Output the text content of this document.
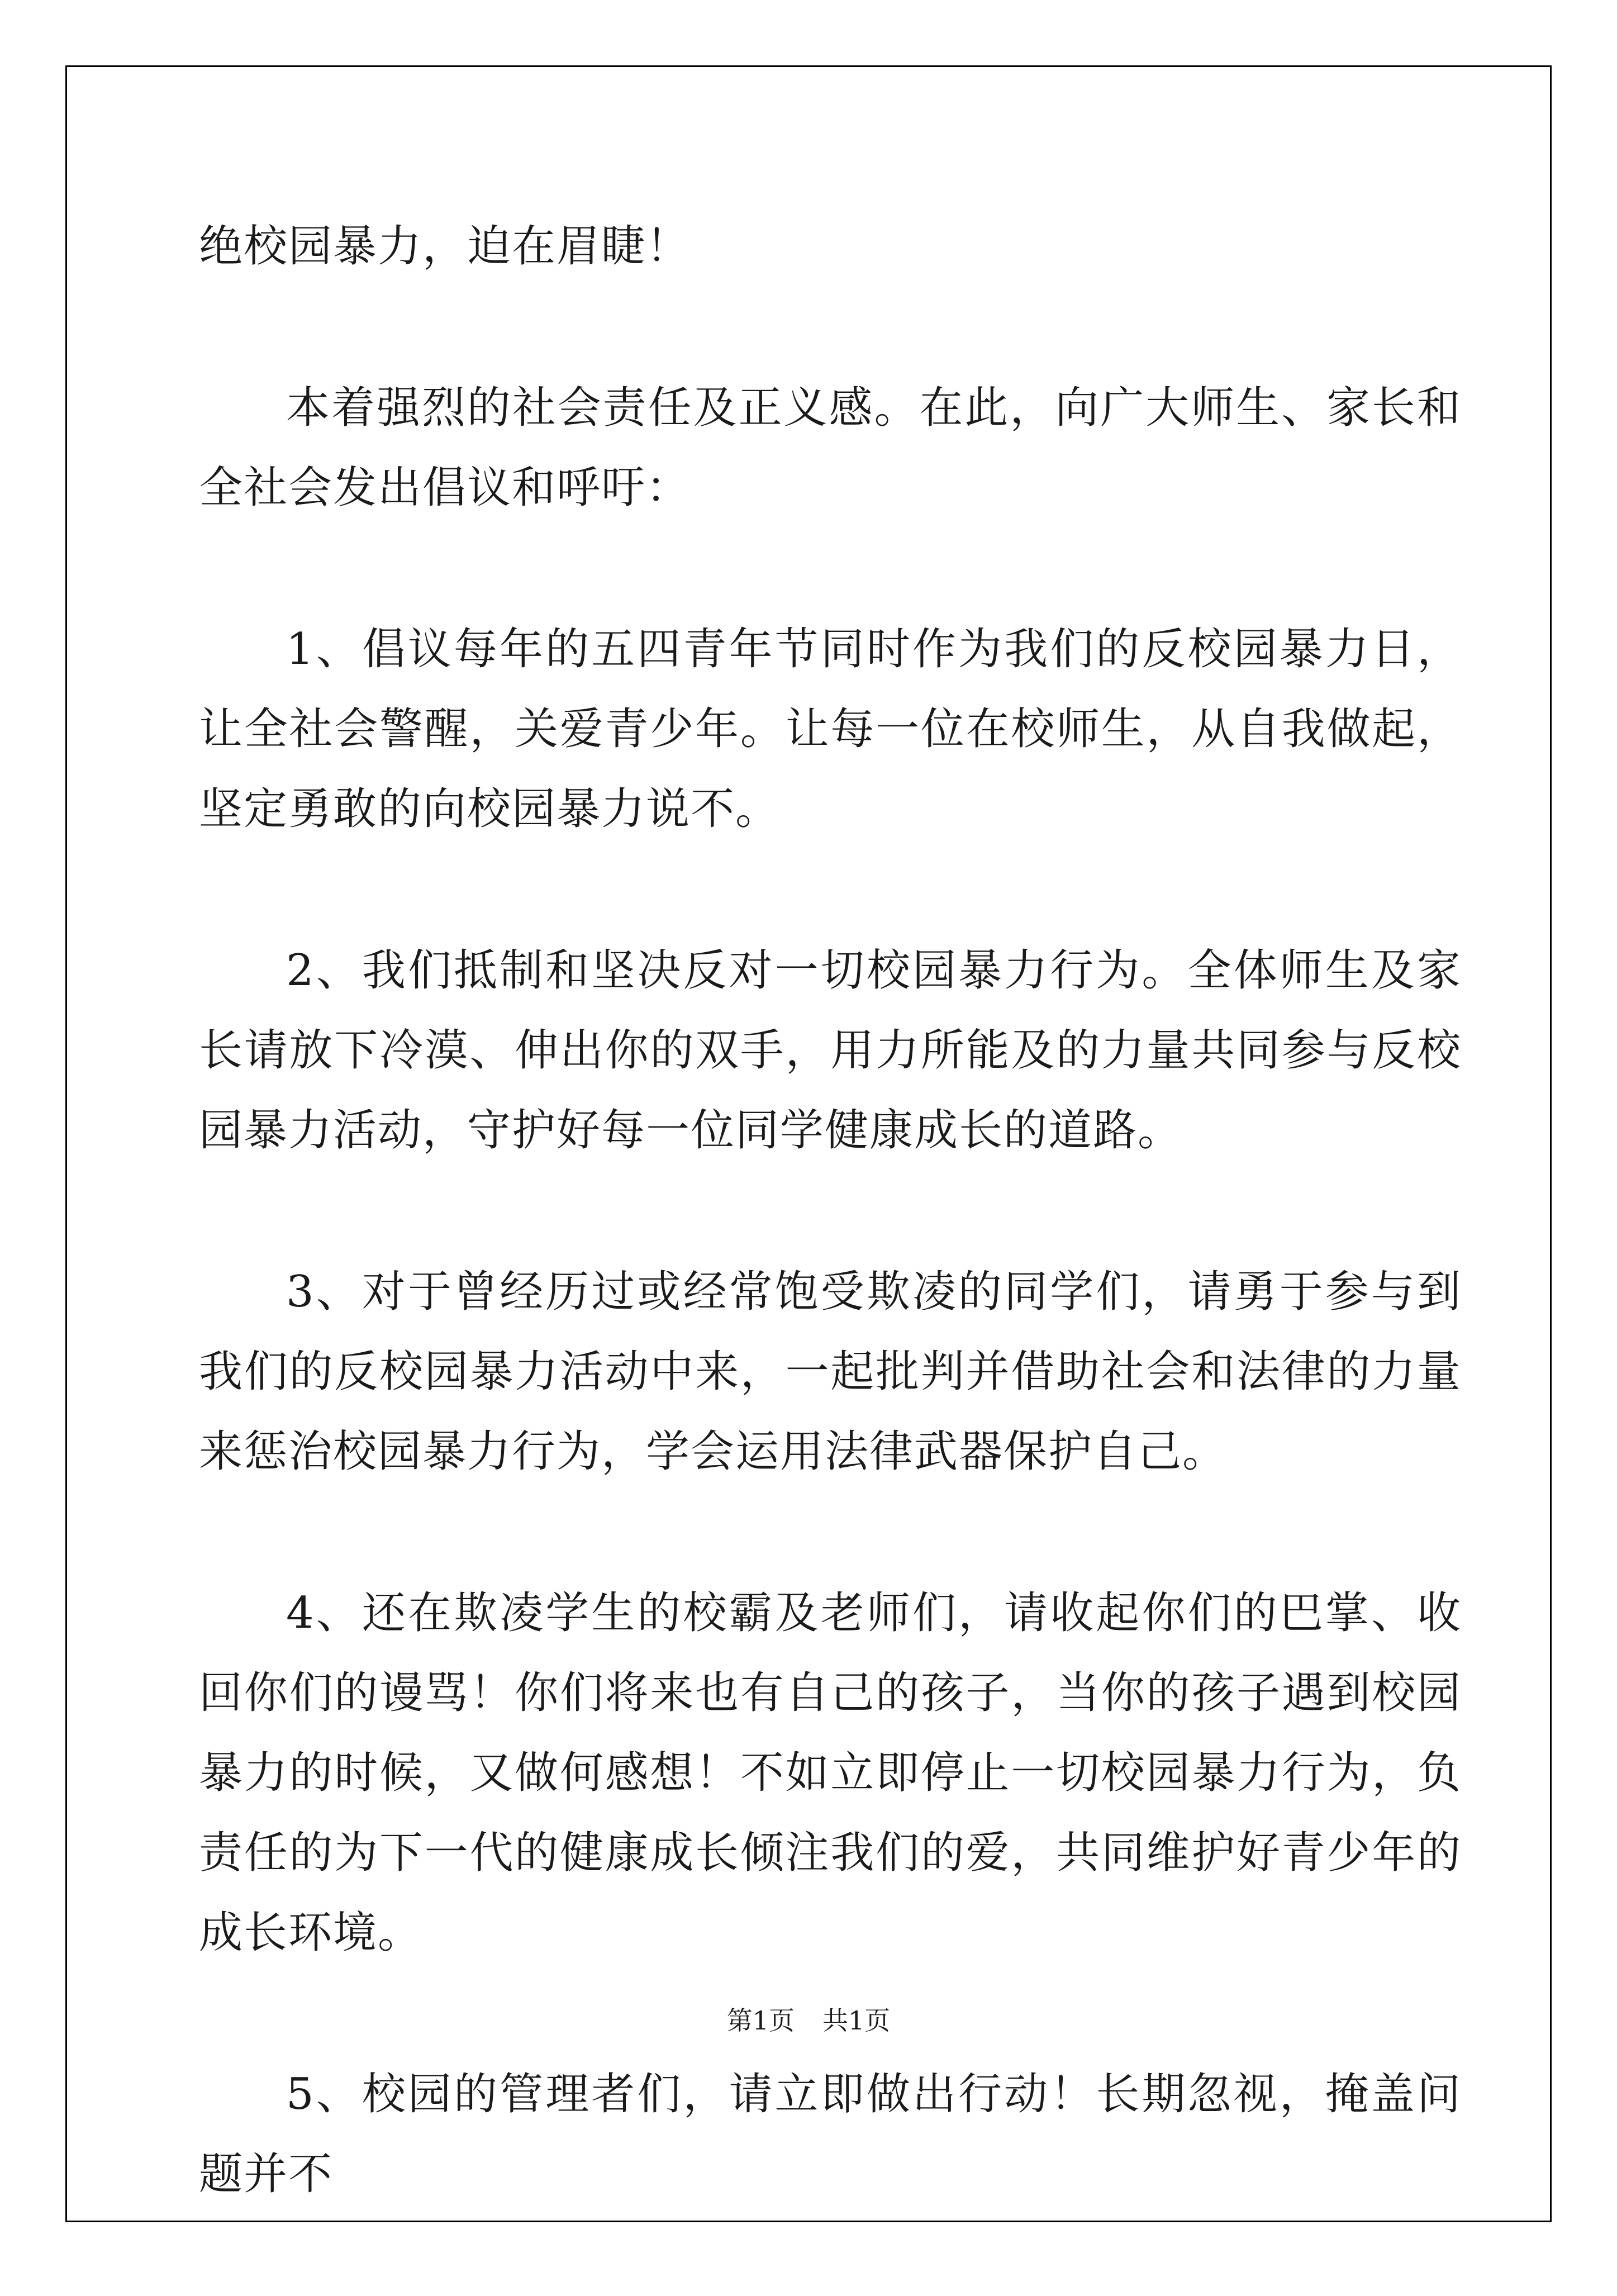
绝校园暴力，迫在眉睫！

本着强烈的社会责任及正义感。在此，向广大师生、家长和全社会发出倡议和呼吁：

1、倡议每年的五四青年节同时作为我们的反校园暴力日，让全社会警醒，关爱青少年。让每一位在校师生，从自我做起，坚定勇敢的向校园暴力说不。

2、我们抵制和坚决反对一切校园暴力行为。全体师生及家长请放下冷漠、伸出你的双手，用力所能及的力量共同参与反校园暴力活动，守护好每一位同学健康成长的道路。

3、对于曾经历过或经常饱受欺凌的同学们，请勇于参与到我们的反校园暴力活动中来，一起批判并借助社会和法律的力量来惩治校园暴力行为，学会运用法律武器保护自己。

4、还在欺凌学生的校霸及老师们，请收起你们的巴掌、收回你们的谩骂！你们将来也有自己的孩子，当你的孩子遇到校园暴力的时候，又做何感想！不如立即停止一切校园暴力行为，负责任的为下一代的健康成长倾注我们的爱，共同维护好青少年的成长环境。

5、校园的管理者们，请立即做出行动！长期忽视，掩盖问题并不

第1页 共1页
